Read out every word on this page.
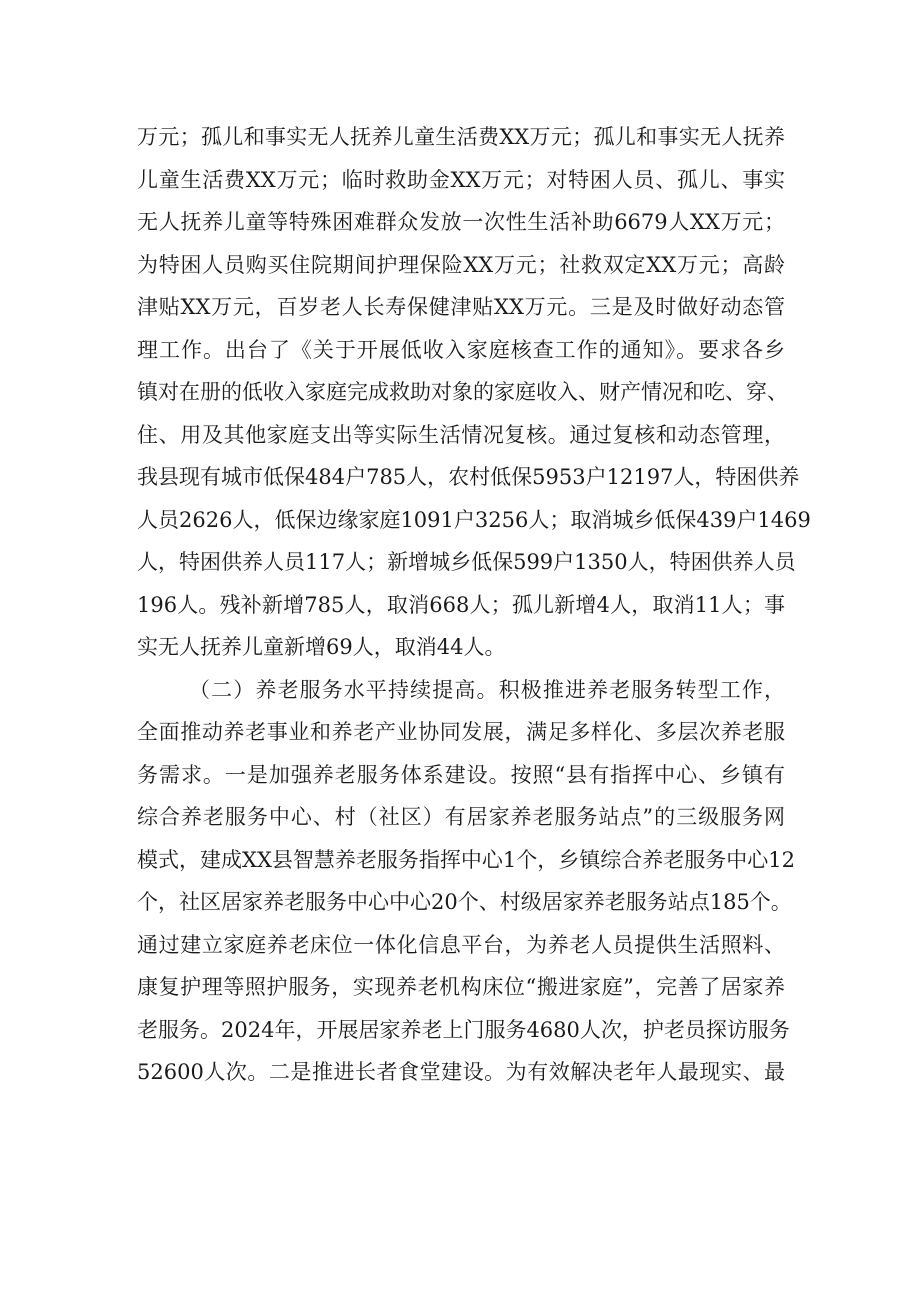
万元；孤儿和事实无人抚养儿童生活费XX万元；孤儿和事实无人抚养
儿童生活费XX万元；临时救助金XX万元；对特困人员、孤儿、事实
无人抚养儿童等特殊困难群众发放一次性生活补助6679人XX万元；
为特困人员购买住院期间护理保险XX万元；社救双定XX万元；高龄
津贴XX万元，百岁老人长寿保健津贴XX万元。三是及时做好动态管
理工作。出台了《关于开展低收入家庭核查工作的通知》。要求各乡
镇对在册的低收入家庭完成救助对象的家庭收入、财产情况和吃、穿、
住、用及其他家庭支出等实际生活情况复核。通过复核和动态管理，
我县现有城市低保484户785人，农村低保5953户12197人，特困供养
人员2626人，低保边缘家庭1091户3256人；取消城乡低保439户1469
人，特困供养人员117人；新增城乡低保599户1350人，特困供养人员
196人。残补新增785人，取消668人；孤儿新增4人，取消11人；事
实无人抚养儿童新增69人，取消44人。
（二）养老服务水平持续提高。积极推进养老服务转型工作，
全面推动养老事业和养老产业协同发展，满足多样化、多层次养老服
务需求。一是加强养老服务体系建设。按照“县有指挥中心、乡镇有
综合养老服务中心、村（社区）有居家养老服务站点”的三级服务网
模式，建成XX县智慧养老服务指挥中心1个，乡镇综合养老服务中心12
个，社区居家养老服务中心中心20个、村级居家养老服务站点185个。
通过建立家庭养老床位一体化信息平台，为养老人员提供生活照料、
康复护理等照护服务，实现养老机构床位“搬进家庭”，完善了居家养
老服务。2024年，开展居家养老上门服务4680人次，护老员探访服务
52600人次。二是推进长者食堂建设。为有效解决老年人最现实、最
